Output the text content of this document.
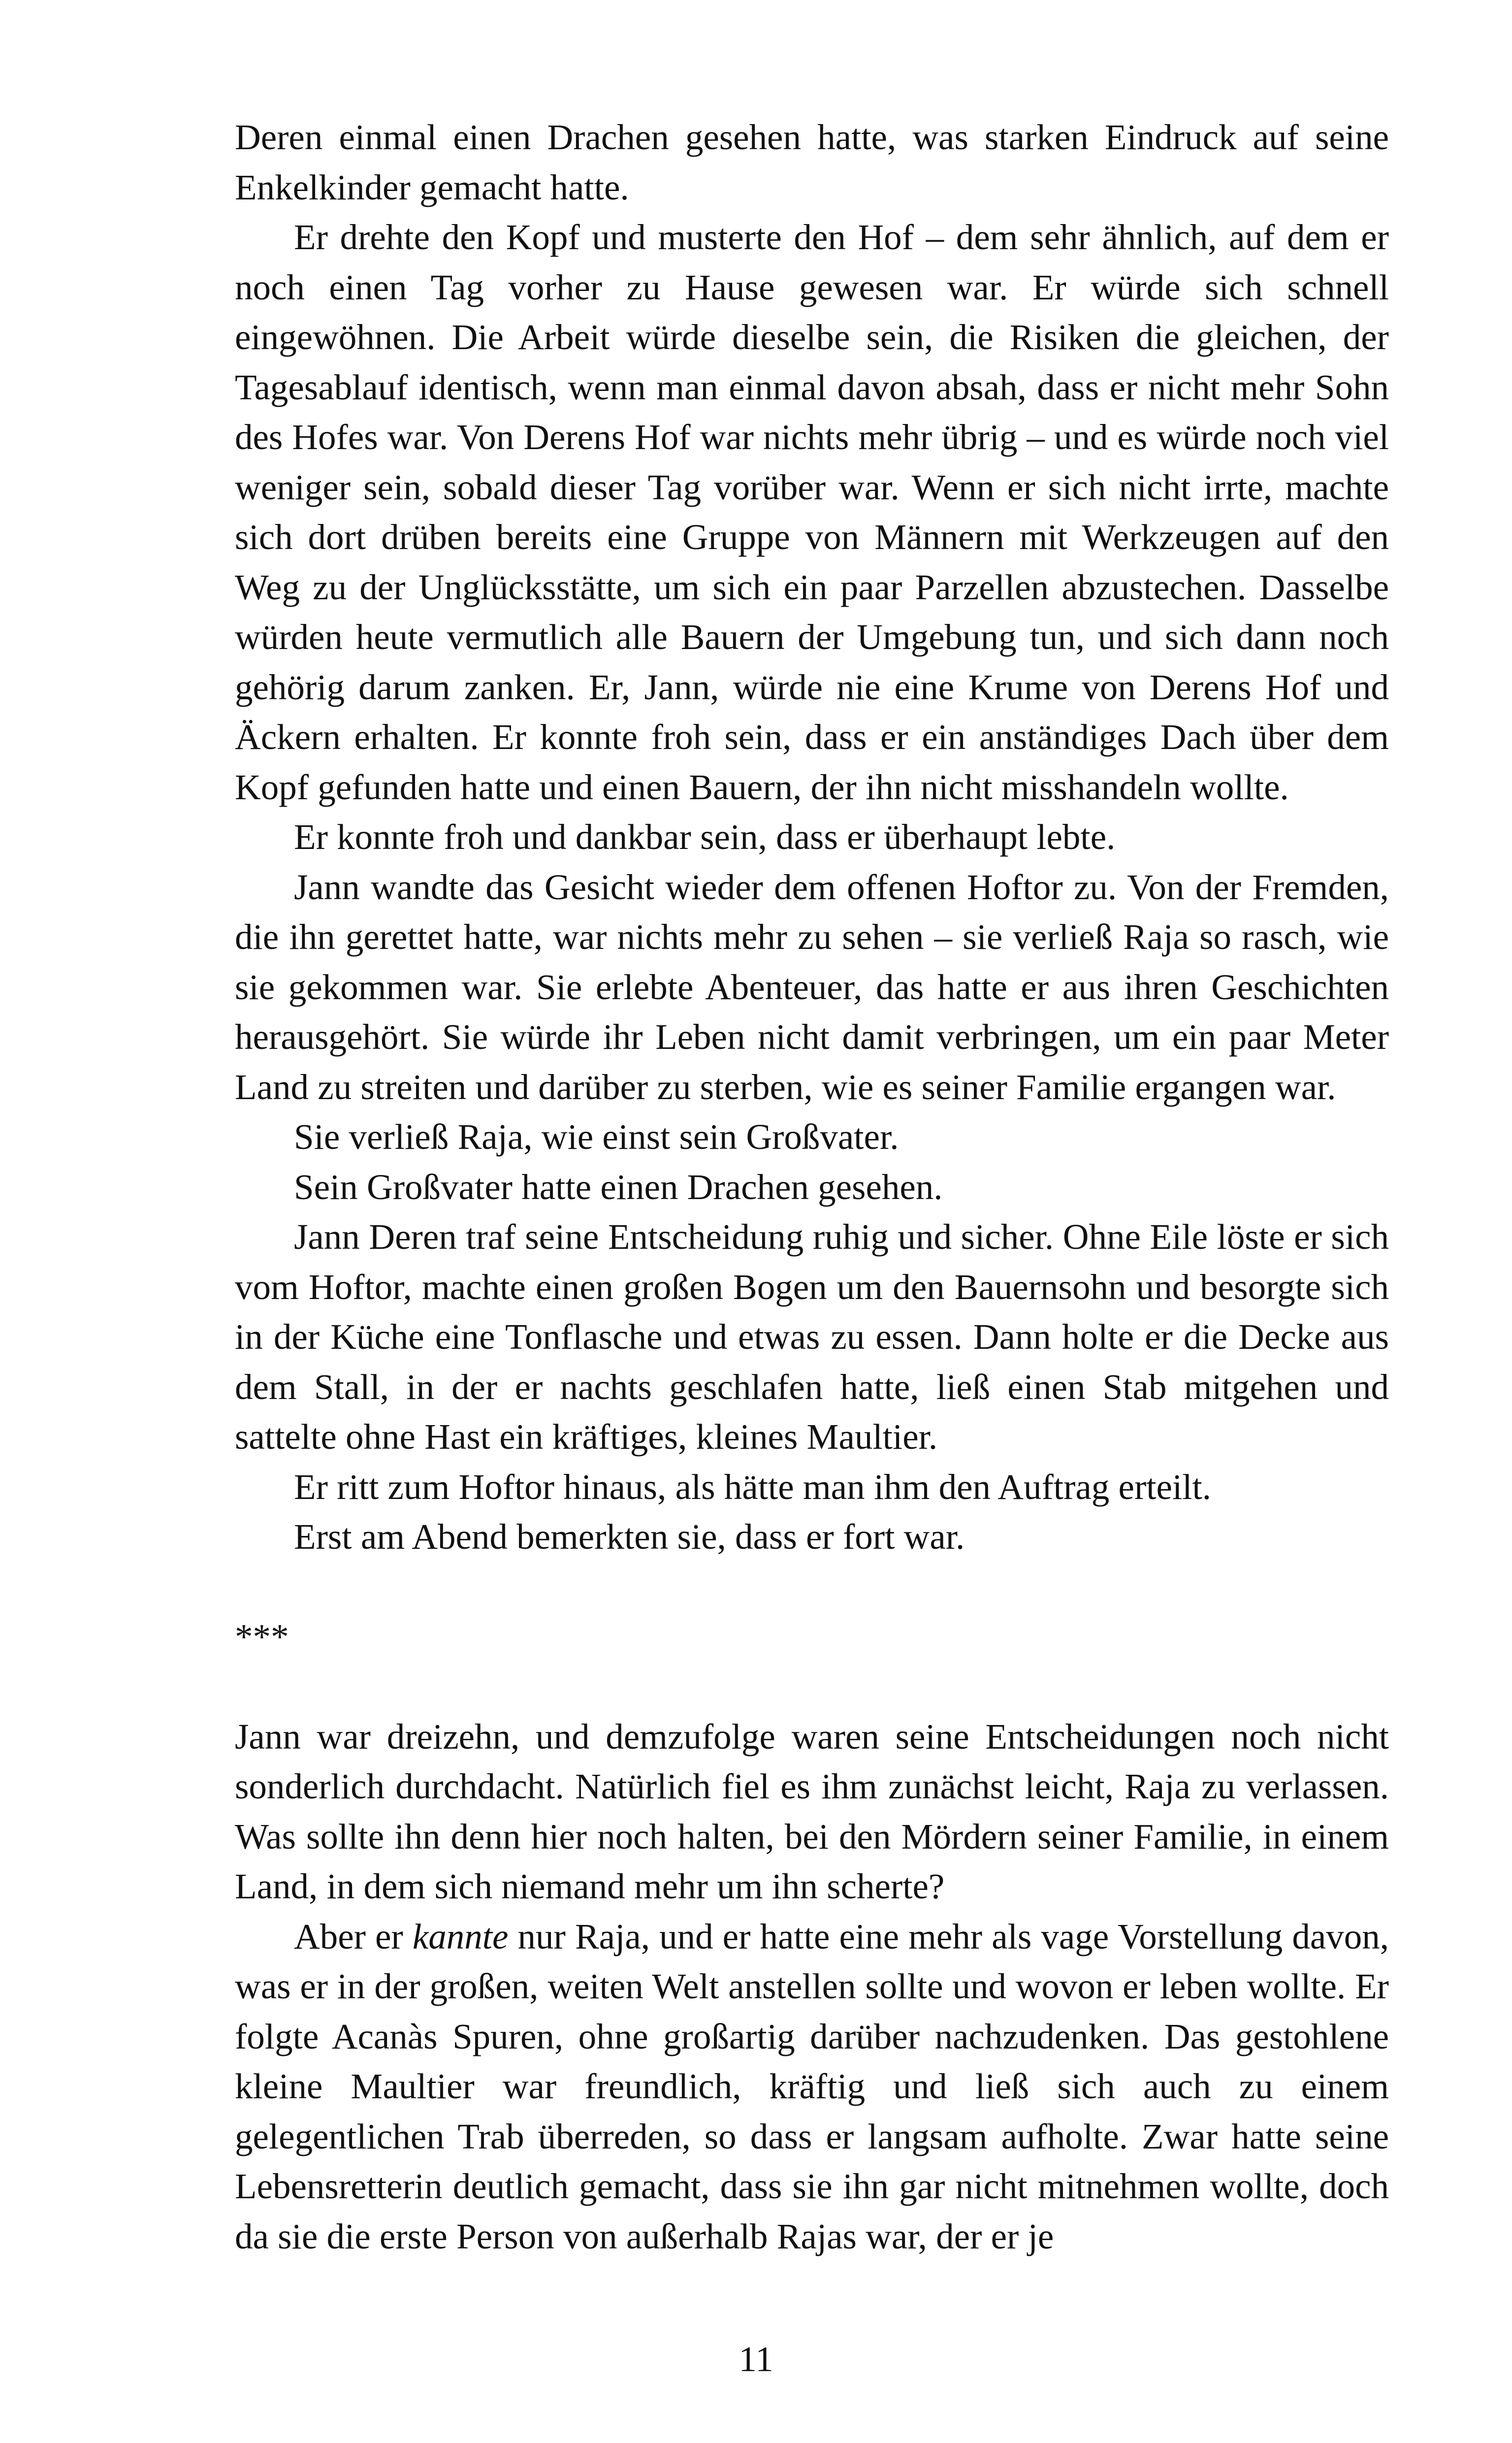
Deren einmal einen Drachen gesehen hatte, was starken Eindruck auf seine Enkelkinder gemacht hatte.

Er drehte den Kopf und musterte den Hof – dem sehr ähnlich, auf dem er noch einen Tag vorher zu Hause gewesen war. Er würde sich schnell eingewöhnen. Die Arbeit würde dieselbe sein, die Risiken die gleichen, der Tagesablauf identisch, wenn man einmal davon absah, dass er nicht mehr Sohn des Hofes war. Von Derens Hof war nichts mehr übrig – und es würde noch viel weniger sein, sobald dieser Tag vorüber war. Wenn er sich nicht irrte, machte sich dort drüben bereits eine Gruppe von Männern mit Werkzeugen auf den Weg zu der Unglücksstätte, um sich ein paar Parzellen abzustechen. Dasselbe würden heute vermutlich alle Bauern der Umgebung tun, und sich dann noch gehörig darum zanken. Er, Jann, würde nie eine Krume von Derens Hof und Äckern erhalten. Er konnte froh sein, dass er ein anständiges Dach über dem Kopf gefunden hatte und einen Bauern, der ihn nicht misshandeln wollte.

Er konnte froh und dankbar sein, dass er überhaupt lebte.

Jann wandte das Gesicht wieder dem offenen Hoftor zu. Von der Fremden, die ihn gerettet hatte, war nichts mehr zu sehen – sie verließ Raja so rasch, wie sie gekommen war. Sie erlebte Abenteuer, das hatte er aus ihren Geschichten herausgehört. Sie würde ihr Leben nicht damit verbringen, um ein paar Meter Land zu streiten und darüber zu sterben, wie es seiner Familie ergangen war.

Sie verließ Raja, wie einst sein Großvater.

Sein Großvater hatte einen Drachen gesehen.

Jann Deren traf seine Entscheidung ruhig und sicher. Ohne Eile löste er sich vom Hoftor, machte einen großen Bogen um den Bauernsohn und besorgte sich in der Küche eine Tonflasche und etwas zu essen. Dann holte er die Decke aus dem Stall, in der er nachts geschlafen hatte, ließ einen Stab mitgehen und sattelte ohne Hast ein kräftiges, kleines Maultier.

Er ritt zum Hoftor hinaus, als hätte man ihm den Auftrag erteilt.

Erst am Abend bemerkten sie, dass er fort war.

***

Jann war dreizehn, und demzufolge waren seine Entscheidungen noch nicht sonderlich durchdacht. Natürlich fiel es ihm zunächst leicht, Raja zu verlassen. Was sollte ihn denn hier noch halten, bei den Mördern seiner Familie, in einem Land, in dem sich niemand mehr um ihn scherte?

Aber er kannte nur Raja, und er hatte eine mehr als vage Vorstellung davon, was er in der großen, weiten Welt anstellen sollte und wovon er leben wollte. Er folgte Acanàs Spuren, ohne großartig darüber nachzudenken. Das gestohlene kleine Maultier war freundlich, kräftig und ließ sich auch zu einem gelegentlichen Trab überreden, so dass er langsam aufholte. Zwar hatte seine Lebensretterin deutlich gemacht, dass sie ihn gar nicht mitnehmen wollte, doch da sie die erste Person von außerhalb Rajas war, der er je

11
